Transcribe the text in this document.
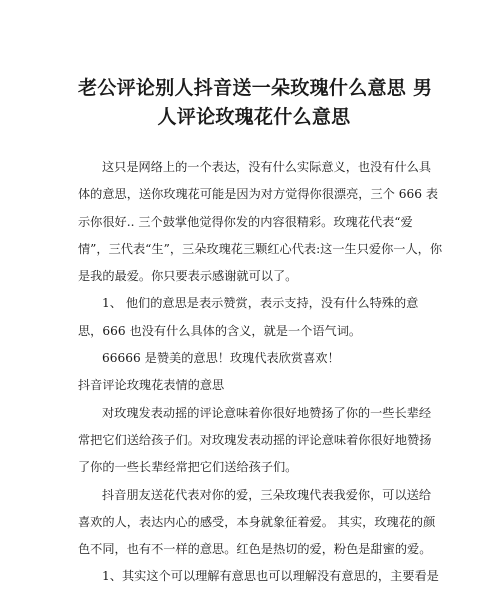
老公评论别人抖音送一朵玫瑰什么意思 男
人评论玫瑰花什么意思
这只是网络上的一个表达，没有什么实际意义，也没有什么具
体的意思，送你玫瑰花可能是因为对方觉得你很漂亮，三个 666 表
示你很好.. 三个鼓掌他觉得你发的内容很精彩。玫瑰花代表“爱
情”，三代表“生”，三朵玫瑰花三颗红心代表:这一生只爱你一人，你
是我的最爱。你只要表示感谢就可以了。
1、 他们的意思是表示赞赏，表示支持，没有什么特殊的意
思，666 也没有什么具体的含义，就是一个语气词。
66666 是赞美的意思！玫瑰代表欣赏喜欢！
抖音评论玫瑰花表情的意思
对玫瑰发表动摇的评论意味着你很好地赞扬了你的一些长辈经
常把它们送给孩子们。对玫瑰发表动摇的评论意味着你很好地赞扬
了你的一些长辈经常把它们送给孩子们。
抖音朋友送花代表对你的爱，三朵玫瑰代表我爱你，可以送给
喜欢的人，表达内心的感受，本身就象征着爱。 其实，玫瑰花的颜
色不同，也有不一样的意思。红色是热切的爱，粉色是甜蜜的爱。
1、其实这个可以理解有意思也可以理解没有意思的，主要看是
